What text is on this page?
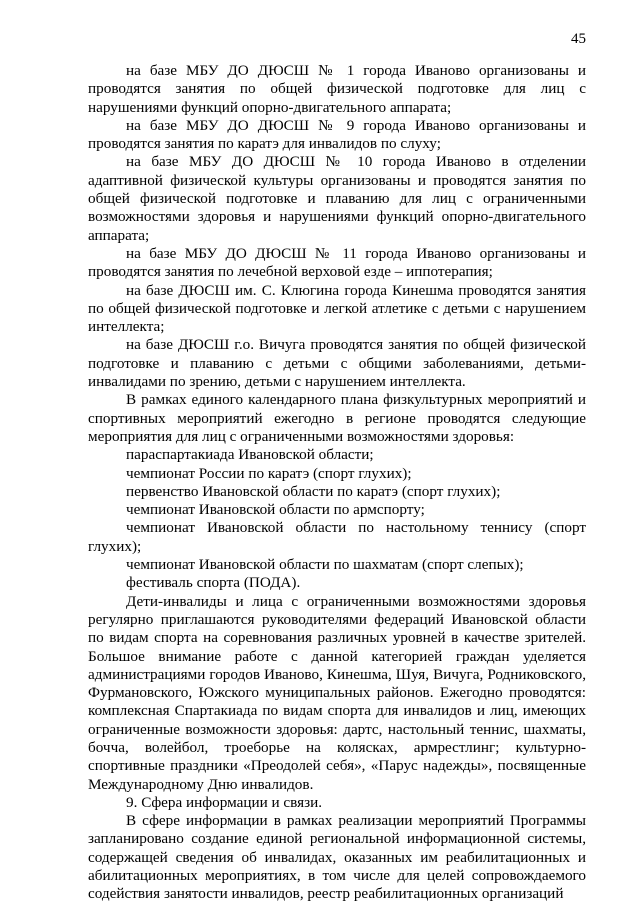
45

на базе МБУ ДО ДЮСШ № 1 города Иваново организованы и проводятся занятия по общей физической подготовке для лиц с нарушениями функций опорно-двигательного аппарата;

на базе МБУ ДО ДЮСШ № 9 города Иваново организованы и проводятся занятия по каратэ для инвалидов по слуху;

на базе МБУ ДО ДЮСШ № 10 города Иваново в отделении адаптивной физической культуры организованы и проводятся занятия по общей физической подготовке и плаванию для лиц с ограниченными возможностями здоровья и нарушениями функций опорно-двигательного аппарата;

на базе МБУ ДО ДЮСШ № 11 города Иваново организованы и проводятся занятия по лечебной верховой езде – иппотерапия;

на базе ДЮСШ им. С. Клюгина города Кинешма проводятся занятия по общей физической подготовке и легкой атлетике с детьми с нарушением интеллекта;

на базе ДЮСШ г.о. Вичуга проводятся занятия по общей физической подготовке и плаванию с детьми с общими заболеваниями, детьми-инвалидами по зрению, детьми с нарушением интеллекта.

В рамках единого календарного плана физкультурных мероприятий и спортивных мероприятий ежегодно в регионе проводятся следующие мероприятия для лиц с ограниченными возможностями здоровья:

параспартакиада Ивановской области;

чемпионат России по каратэ (спорт глухих);

первенство Ивановской области по каратэ (спорт глухих);

чемпионат Ивановской области по армспорту;

чемпионат Ивановской области по настольному теннису (спорт глухих);

чемпионат Ивановской области по шахматам (спорт слепых);

фестиваль спорта (ПОДА).

Дети-инвалиды и лица с ограниченными возможностями здоровья регулярно приглашаются руководителями федераций Ивановской области по видам спорта на соревнования различных уровней в качестве зрителей. Большое внимание работе с данной категорией граждан уделяется администрациями городов Иваново, Кинешма, Шуя, Вичуга, Родниковского, Фурмановского, Южского муниципальных районов. Ежегодно проводятся: комплексная Спартакиада по видам спорта для инвалидов и лиц, имеющих ограниченные возможности здоровья: дартс, настольный теннис, шахматы, бочча, волейбол, троеборье на колясках, армрестлинг; культурно-спортивные праздники «Преодолей себя», «Парус надежды», посвященные Международному Дню инвалидов.

9. Сфера информации и связи.

В сфере информации в рамках реализации мероприятий Программы запланировано создание единой региональной информационной системы, содержащей сведения об инвалидах, оказанных им реабилитационных и абилитационных мероприятиях, в том числе для целей сопровождаемого содействия занятости инвалидов, реестр реабилитационных организаций
